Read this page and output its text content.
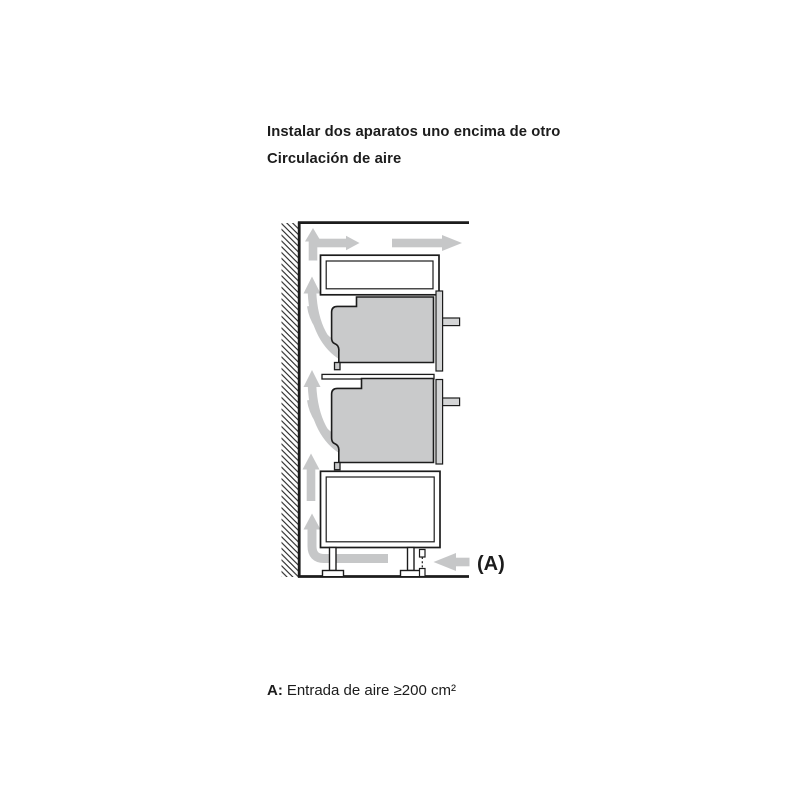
Instalar dos aparatos uno encima de otro
Circulación de aire
(A)
A: Entrada de aire ≥200 cm²
